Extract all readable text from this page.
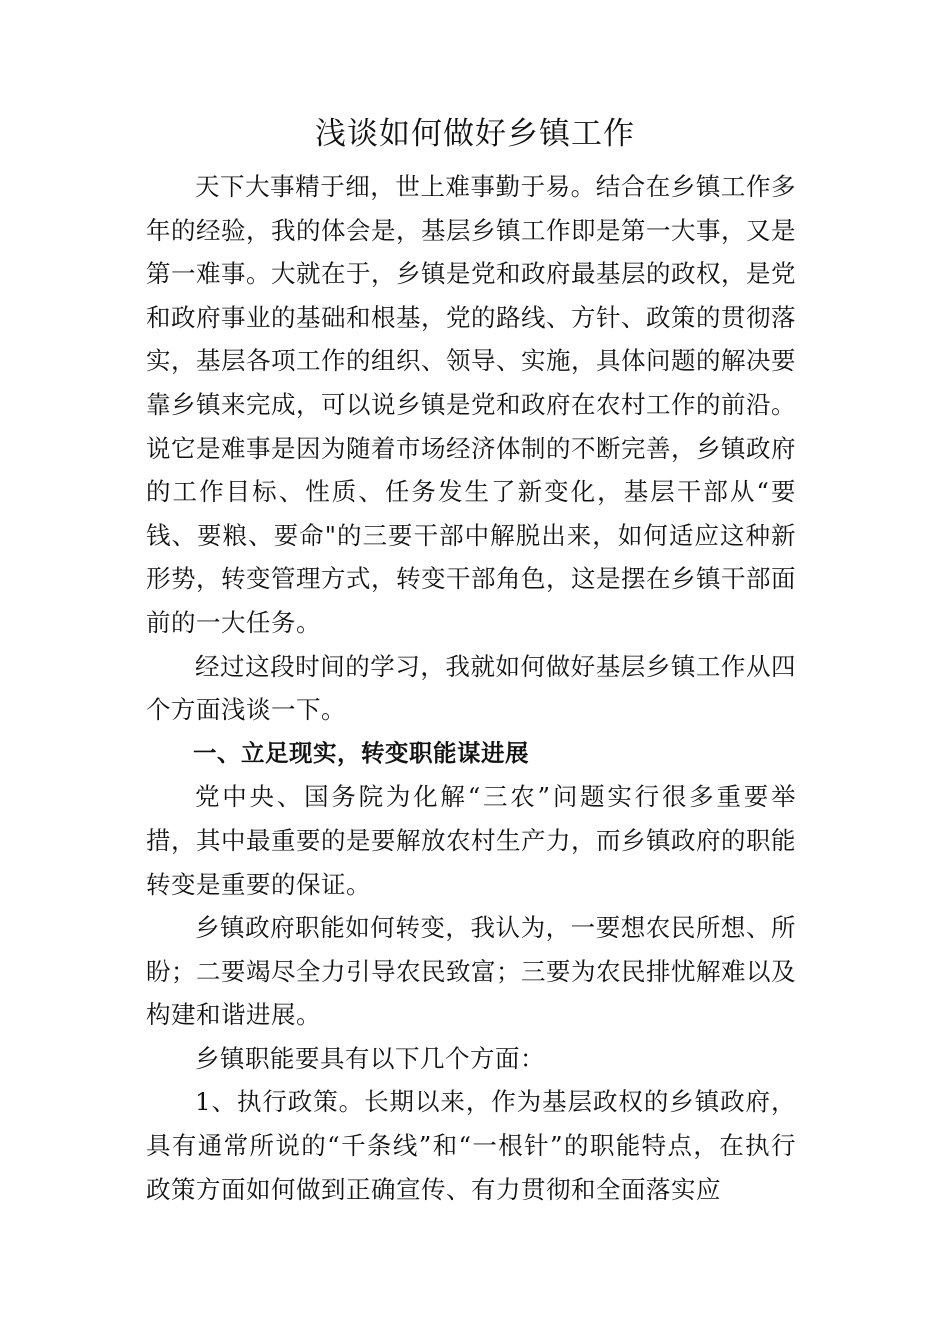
浅谈如何做好乡镇工作

天下大事精于细，世上难事勤于易。结合在乡镇工作多年的经验，我的体会是，基层乡镇工作即是第一大事，又是第一难事。大就在于，乡镇是党和政府最基层的政权，是党和政府事业的基础和根基，党的路线、方针、政策的贯彻落实，基层各项工作的组织、领导、实施，具体问题的解决要靠乡镇来完成，可以说乡镇是党和政府在农村工作的前沿。说它是难事是因为随着市场经济体制的不断完善，乡镇政府的工作目标、性质、任务发生了新变化，基层干部从“要钱、要粮、要命"的三要干部中解脱出来，如何适应这种新形势，转变管理方式，转变干部角色，这是摆在乡镇干部面前的一大任务。

经过这段时间的学习，我就如何做好基层乡镇工作从四个方面浅谈一下。

一、立足现实，转变职能谋进展

党中央、国务院为化解“三农”问题实行很多重要举措，其中最重要的是要解放农村生产力，而乡镇政府的职能转变是重要的保证。

乡镇政府职能如何转变，我认为，一要想农民所想、所盼；二要竭尽全力引导农民致富；三要为农民排忧解难以及构建和谐进展。

乡镇职能要具有以下几个方面：

1、执行政策。长期以来，作为基层政权的乡镇政府，具有通常所说的“千条线”和“一根针”的职能特点，在执行政策方面如何做到正确宣传、有力贯彻和全面落实应
